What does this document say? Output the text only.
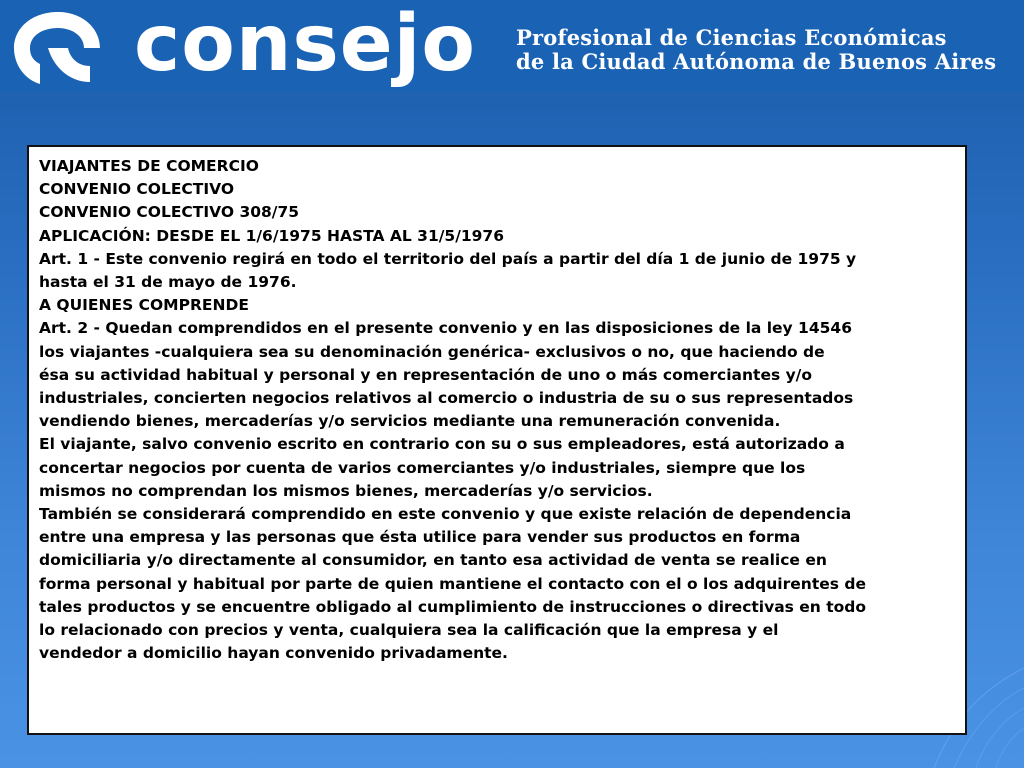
consejo Profesional de Ciencias Económicas
de la Ciudad Autónoma de Buenos Aires
VIAJANTES DE COMERCIO
CONVENIO COLECTIVO
CONVENIO COLECTIVO 308/75
APLICACIÓN: DESDE EL 1/6/1975 HASTA AL 31/5/1976
Art. 1 - Este convenio regirá en todo el territorio del país a partir del día 1 de junio de 1975 y
hasta el 31 de mayo de 1976.
A QUIENES COMPRENDE
Art. 2 - Quedan comprendidos en el presente convenio y en las disposiciones de la ley 14546
los viajantes -cualquiera sea su denominación genérica- exclusivos o no, que haciendo de
ésa su actividad habitual y personal y en representación de uno o más comerciantes y/o
industriales, concierten negocios relativos al comercio o industria de su o sus representados
vendiendo bienes, mercaderías y/o servicios mediante una remuneración convenida.
El viajante, salvo convenio escrito en contrario con su o sus empleadores, está autorizado a
concertar negocios por cuenta de varios comerciantes y/o industriales, siempre que los
mismos no comprendan los mismos bienes, mercaderías y/o servicios.
También se considerará comprendido en este convenio y que existe relación de dependencia
entre una empresa y las personas que ésta utilice para vender sus productos en forma
domiciliaria y/o directamente al consumidor, en tanto esa actividad de venta se realice en
forma personal y habitual por parte de quien mantiene el contacto con el o los adquirentes de
tales productos y se encuentre obligado al cumplimiento de instrucciones o directivas en todo
lo relacionado con precios y venta, cualquiera sea la calificación que la empresa y el
vendedor a domicilio hayan convenido privadamente.
